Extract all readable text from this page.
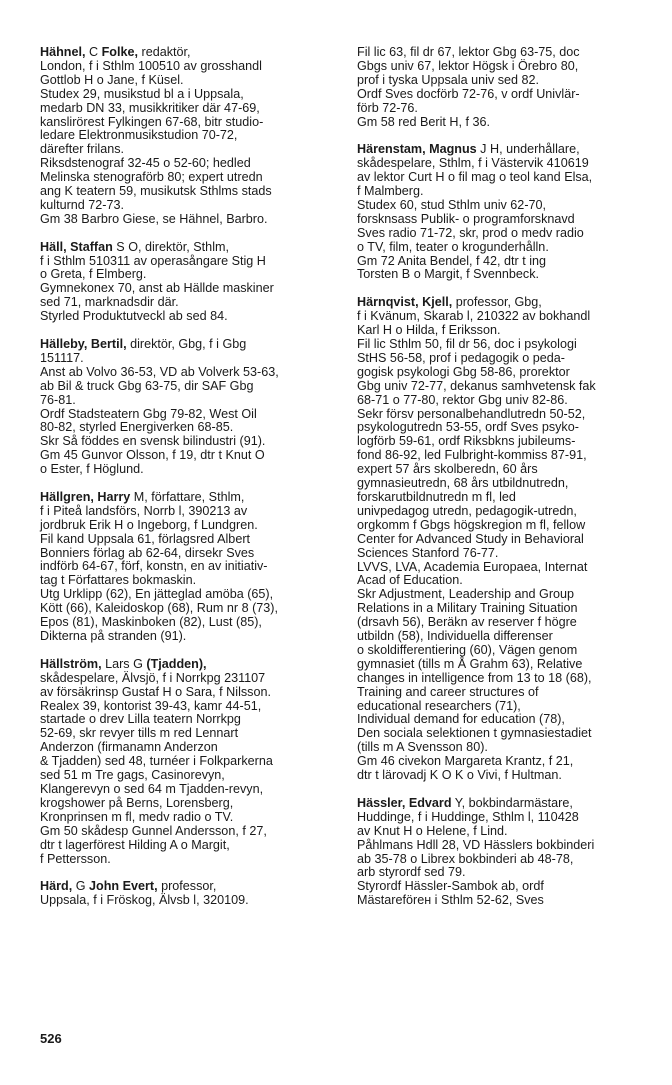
Hähnel, C Folke, redaktör,
London, f i Sthlm 100510 av grosshandl
Gottlob H o Jane, f Küsel.
Studex 29, musikstud bl a i Uppsala,
medarb DN 33, musikkritiker där 47-69,
kanslirörest Fylkingen 67-68, bitr studio-
ledare Elektronmusikstudion 70-72,
därefter frilans.
Riksdstenograf 32-45 o 52-60; hedled
Melinska stenograförb 80; expert utredn
ang K teatern 59, musikutsk Sthlms stads
kulturnd 72-73.
Gm 38 Barbro Giese, se Hähnel, Barbro.
Häll, Staffan S O, direktör, Sthlm,
f i Sthlm 510311 av operasångare Stig H
o Greta, f Elmberg.
Gymnekonex 70, anst ab Hällde maskiner
sed 71, marknadsdir där.
Styrled Produktutveckl ab sed 84.
Hälleby, Bertil, direktör, Gbg, f i Gbg
151117.
Anst ab Volvo 36-53, VD ab Volverk 53-63,
ab Bil & truck Gbg 63-75, dir SAF Gbg
76-81.
Ordf Stadsteatern Gbg 79-82, West Oil
80-82, styrled Energiverken 68-85.
Skr Så föddes en svensk bilindustri (91).
Gm 45 Gunvor Olsson, f 19, dtr t Knut O
o Ester, f Höglund.
Hällgren, Harry M, författare, Sthlm,
f i Piteå landsförs, Norrb l, 390213 av
jordbruk Erik H o Ingeborg, f Lundgren.
Fil kand Uppsala 61, förlagsred Albert
Bonniers förlag ab 62-64, dirsekr Sves
indförb 64-67, förf, konstn, en av initiativ-
tag t Författares bokmaskin.
Utg Urklipp (62), En jätteglad amöba (65),
Kött (66), Kaleidoskop (68), Rum nr 8 (73),
Epos (81), Maskinboken (82), Lust (85),
Dikterna på stranden (91).
Hällström, Lars G (Tjadden),
skådespelare, Älvsjö, f i Norrkpg 231107
av försäkrinsp Gustaf H o Sara, f Nilsson.
Realex 39, kontorist 39-43, kamr 44-51,
startade o drev Lilla teatern Norrkpg
52-69, skr revyer tills m red Lennart
Anderzon (firmanamn Anderzon
& Tjadden) sed 48, turnéer i Folkparkerna
sed 51 m Tre gags, Casinorevyn,
Klangerevyn o sed 64 m Tjadden-revyn,
krogshower på Berns, Lorensberg,
Kronprinsen m fl, medv radio o TV.
Gm 50 skådesp Gunnel Andersson, f 27,
dtr t lagerförest Hilding A o Margit,
f Pettersson.
Härd, G John Evert, professor,
Uppsala, f i Fröskog, Älvsb l, 320109.
Fil lic 63, fil dr 67, lektor Gbg 63-75, doc
Gbgs univ 67, lektor Högsk i Örebro 80,
prof i tyska Uppsala univ sed 82.
Ordf Sves docförb 72-76, v ordf Univlär-
förb 72-76.
Gm 58 red Berit H, f 36.
Härenstam, Magnus J H, underhållare,
skådespelare, Sthlm, f i Västervik 410619
av lektor Curt H o fil mag o teol kand Elsa,
f Malmberg.
Studex 60, stud Sthlm univ 62-70,
forsknsass Publik- o programforsknavd
Sves radio 71-72, skr, prod o medv radio
o TV, film, teater o krogunderhålln.
Gm 72 Anita Bendel, f 42, dtr t ing
Torsten B o Margit, f Svennbeck.
Härnqvist, Kjell, professor, Gbg,
f i Kvänum, Skarab l, 210322 av bokhandl
Karl H o Hilda, f Eriksson.
Fil lic Sthlm 50, fil dr 56, doc i psykologi
StHS 56-58, prof i pedagogik o peda-
gogisk psykologi Gbg 58-86, prorektor
Gbg univ 72-77, dekanus samhvetensk fak
68-71 o 77-80, rektor Gbg univ 82-86.
Sekr försv personalbehandlutredn 50-52,
psykologutredn 53-55, ordf Sves psyko-
logförb 59-61, ordf Riksbkns jubileums-
fond 86-92, led Fulbright-kommiss 87-91,
expert 57 års skolberedn, 60 års
gymnasieutredn, 68 års utbildnutredn,
forskarutbildnutredn m fl, led
univpedagog utredn, pedagogik-utredn,
orgkomm f Gbgs högskregion m fl, fellow
Center for Advanced Study in Behavioral
Sciences Stanford 76-77.
LVVS, LVA, Academia Europaea, Internat
Acad of Education.
Skr Adjustment, Leadership and Group
Relations in a Military Training Situation
(drsavh 56), Beräkn av reserver f högre
utbildn (58), Individuella differenser
o skoldifferentiering (60), Vägen genom
gymnasiet (tills m Å Grahm 63), Relative
changes in intelligence from 13 to 18 (68),
Training and career structures of
educational researchers (71),
Individual demand for education (78),
Den sociala selektionen t gymnasiestadiet
(tills m A Svensson 80).
Gm 46 civekon Margareta Krantz, f 21,
dtr t lärovadj K O K o Vivi, f Hultman.
Hässler, Edvard Y, bokbindarmästare,
Huddinge, f i Huddinge, Sthlm l, 110428
av Knut H o Helene, f Lind.
Påhlmans Hdll 28, VD Hässlers bokbinderi
ab 35-78 o Librex bokbinderi ab 48-78,
arb styrordf sed 79.
Styrordf Hässler-Sambok ab, ordf
Mästareförен i Sthlm 52-62, Sves
526
